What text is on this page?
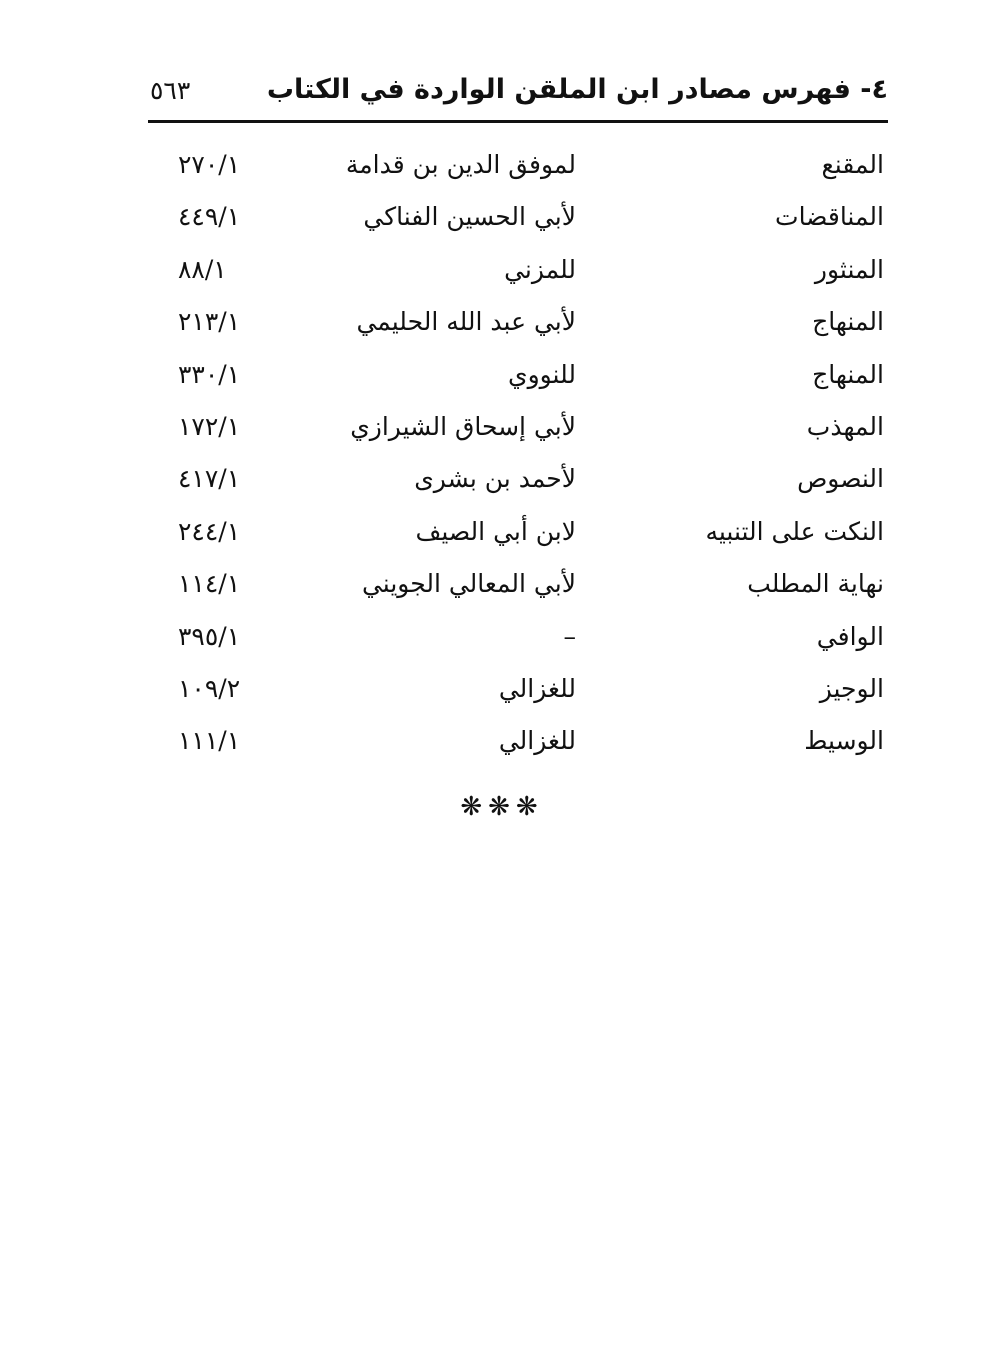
٤- فهرس مصادر ابن الملقن الواردة في الكتاب
٥٦٣
المقنع
لموفق الدين بن قدامة
٢٧٠/١
المناقضات
لأبي الحسين الفناكي
٤٤٩/١
المنثور
للمزني
٨٨/١
المنهاج
لأبي عبد الله الحليمي
٢١٣/١
المنهاج
للنووي
٣٣٠/١
المهذب
لأبي إسحاق الشيرازي
١٧٢/١
النصوص
لأحمد بن بشرى
٤١٧/١
النكت على التنبيه
لابن أبي الصيف
٢٤٤/١
نهاية المطلب
لأبي المعالي الجويني
١١٤/١
الوافي
–
٣٩٥/١
الوجيز
للغزالي
١٠٩/٢
الوسيط
للغزالي
١١١/١
❋❋❋
